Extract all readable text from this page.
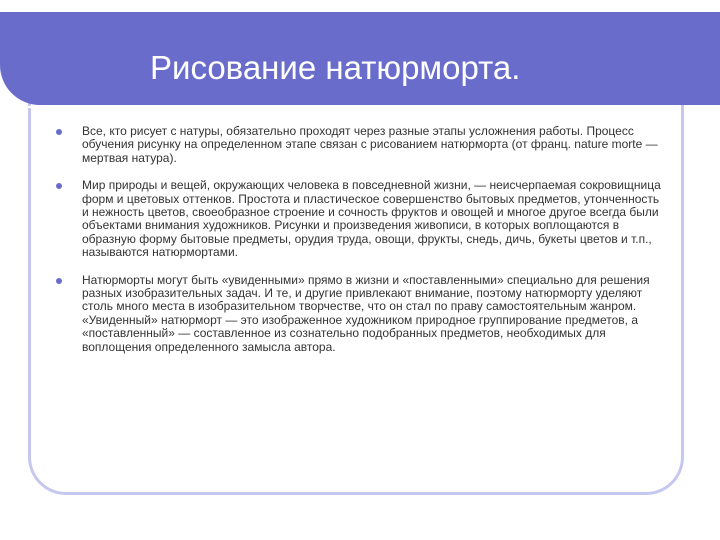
Рисование натюрморта.
Все, кто рисует с натуры, обязательно проходят через разные этапы усложнения работы. Процесс обучения рисунку на определенном этапе связан с рисованием натюрморта (от франц. nature morte — мертвая натура).
Мир природы и вещей, окружающих человека в повседневной жизни, — неисчерпаемая сокровищница форм и цветовых оттенков. Простота и пластическое совершенство бытовых предметов, утонченность и нежность цветов, своеобразное строение и сочность фруктов и овощей и многое другое всегда были объектами внимания художников. Рисунки и произведения живописи, в которых воплощаются в образную форму бытовые предметы, орудия труда, овощи, фрукты, снедь, дичь, букеты цветов и т.п., называются натюрмортами.
Натюрморты могут быть «увиденными» прямо в жизни и «поставленными» специально для решения разных изобразительных задач. И те, и другие привлекают внимание, поэтому натюрморту уделяют столь много места в изобразительном творчестве, что он стал по праву самостоятельным жанром. «Увиденный» натюрморт — это изображенное художником природное группирование предметов, а «поставленный» — составленное из сознательно подобранных предметов, необходимых для воплощения определенного замысла автора.
